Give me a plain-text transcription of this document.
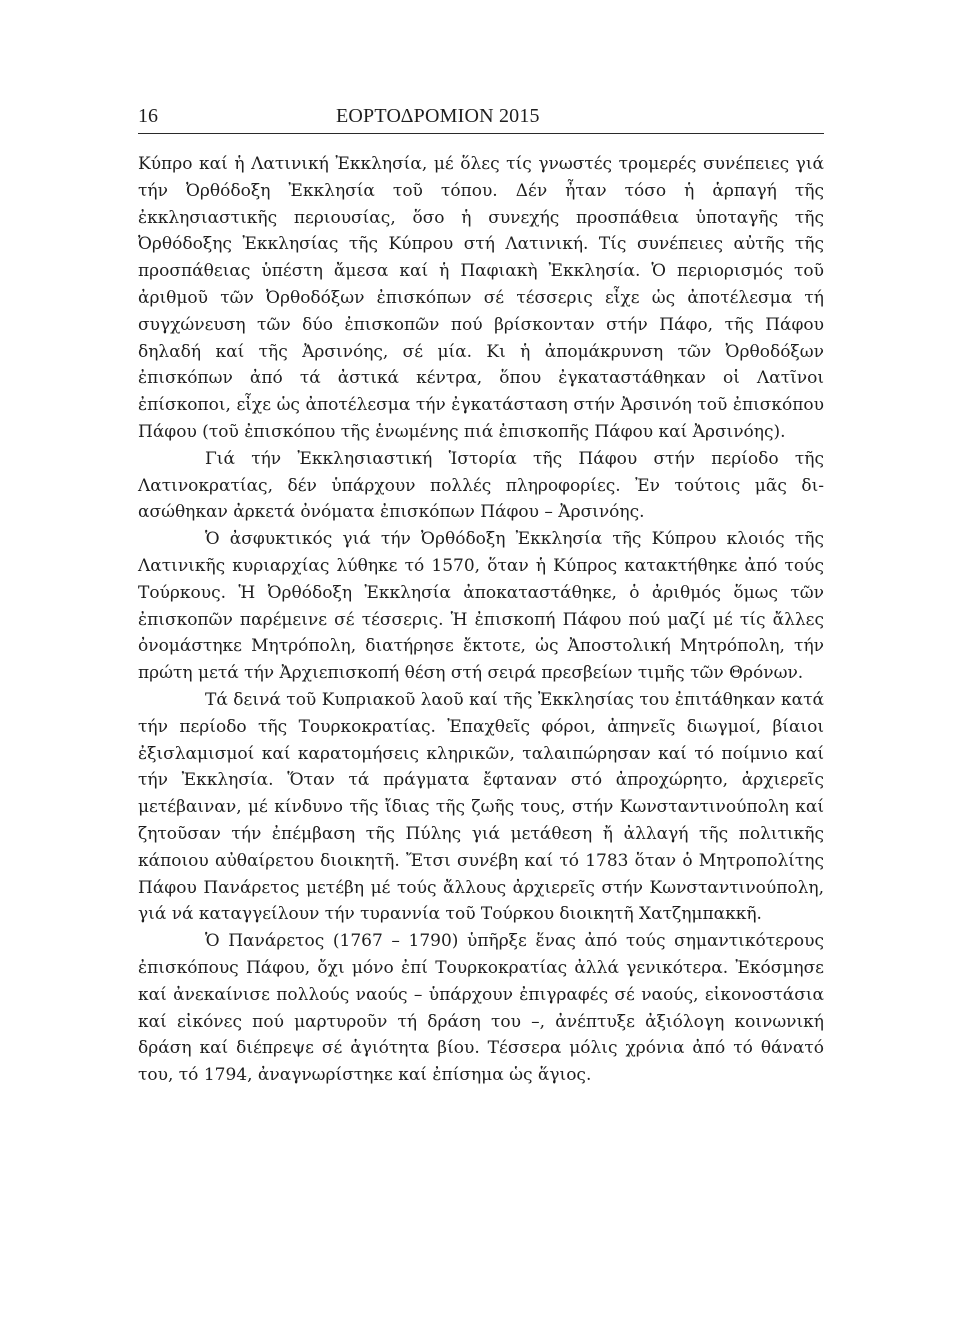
16	ΕΟΡΤΟΔΡΟΜΙΟΝ 2015

Κύπρο καί ἡ Λατινική Ἐκκλησία, μέ ὅλες τίς γνωστές τρομερές συνέπειες γιά τήν Ὀρθόδοξη Ἐκκλησία τοῦ τόπου. Δέν ἦταν τόσο ἡ ἁρπαγή τῆς ἐκκλησιαστικῆς περιουσίας, ὅσο ἡ συνεχής προσπάθεια ὑποταγῆς τῆς Ὀρθόδοξης Ἐκκλησίας τῆς Κύπρου στή Λατινική. Τίς συνέπειες αὐτῆς τῆς προσπάθειας ὑπέστη ἄμεσα καί ἡ Παφιακὴ Ἐκκλησία. Ὁ περιορισμός τοῦ ἀριθμοῦ τῶν Ὀρθοδόξων ἐπισκόπων σέ τέσσερις εἶχε ὡς ἀποτέλεσμα τή συγχώνευση τῶν δύο ἐπισκοπῶν πού βρίσκονταν στήν Πάφο, τῆς Πάφου δηλαδή καί τῆς Ἀρσινόης, σέ μία. Κι ἡ ἀπομάκρυνση τῶν Ὀρθοδόξων ἐπισκόπων ἀπό τά ἀστικά κέντρα, ὅπου ἐγκαταστάθηκαν οἱ Λατῖνοι ἐπίσκοποι, εἶχε ὡς ἀποτέλεσμα τήν ἐγκατάσταση στήν Ἀρσινόη τοῦ ἐπισκόπου Πάφου (τοῦ ἐπισκόπου τῆς ἑνωμένης πιά ἐπισκοπῆς Πάφου καί Ἀρσινόης).

Γιά τήν Ἐκκλησιαστική Ἱστορία τῆς Πάφου στήν περίοδο τῆς Λατινοκρατίας, δέν ὑπάρχουν πολλές πληροφορίες. Ἐν τούτοις μᾶς διασώθηκαν ἀρκετά ὀνόματα ἐπισκόπων Πάφου – Ἀρσινόης.

Ὁ ἀσφυκτικός γιά τήν Ὀρθόδοξη Ἐκκλησία τῆς Κύπρου κλοιός τῆς Λατινικῆς κυριαρχίας λύθηκε τό 1570, ὅταν ἡ Κύπρος κατακτήθηκε ἀπό τούς Τούρκους. Ἡ Ὀρθόδοξη Ἐκκλησία ἀποκαταστάθηκε, ὁ ἀριθμός ὅμως τῶν ἐπισκοπῶν παρέμεινε σέ τέσσερις. Ἡ ἐπισκοπή Πάφου πού μαζί μέ τίς ἄλλες ὀνομάστηκε Μητρόπολη, διατήρησε ἔκτοτε, ὡς Ἀποστολική Μητρόπολη, τήν πρώτη μετά τήν Ἀρχιεπισκοπή θέση στή σειρά πρεσβείων τιμῆς τῶν Θρόνων.

Τά δεινά τοῦ Κυπριακοῦ λαοῦ καί τῆς Ἐκκλησίας του ἐπιτάθηκαν κατά τήν περίοδο τῆς Τουρκοκρατίας. Ἐπαχθεῖς φόροι, ἀπηνεῖς διωγμοί, βίαιοι ἐξισλαμισμοί καί καρατομήσεις κληρικῶν, ταλαιπώρησαν καί τό ποίμνιο καί τήν Ἐκκλησία. Ὅταν τά πράγματα ἔφταναν στό ἀπροχώρητο, ἀρχιερεῖς μετέβαιναν, μέ κίνδυνο τῆς ἴδιας τῆς ζωῆς τους, στήν Κωνσταντινούπολη καί ζητοῦσαν τήν ἐπέμβαση τῆς Πύλης γιά μετάθεση ἤ ἀλλαγή τῆς πολιτικῆς κάποιου αὐθαίρετου διοικητῆ. Ἔτσι συνέβη καί τό 1783 ὅταν ὁ Μητροπολίτης Πάφου Πανάρετος μετέβη μέ τούς ἄλλους ἀρχιερεῖς στήν Κωνσταντινούπολη, γιά νά καταγγείλουν τήν τυραννία τοῦ Τούρκου διοικητῆ Χατζημπακκῆ.

Ὁ Πανάρετος (1767 – 1790) ὑπῆρξε ἕνας ἀπό τούς σημαντικότερους ἐπισκόπους Πάφου, ὄχι μόνο ἐπί Τουρκοκρατίας ἀλλά γενικότερα. Ἐκόσμησε καί ἀνεκαίνισε πολλούς ναούς – ὑπάρχουν ἐπιγραφές σέ ναούς, εἰκονοστάσια καί εἰκόνες πού μαρτυροῦν τή δράση του –, ἀνέπτυξε ἀξιόλογη κοινωνική δράση καί διέπρεψε σέ ἁγιότητα βίου. Τέσσερα μόλις χρόνια ἀπό τό θάνατό του, τό 1794, ἀναγνωρίστηκε καί ἐπίσημα ὡς ἅγιος.
